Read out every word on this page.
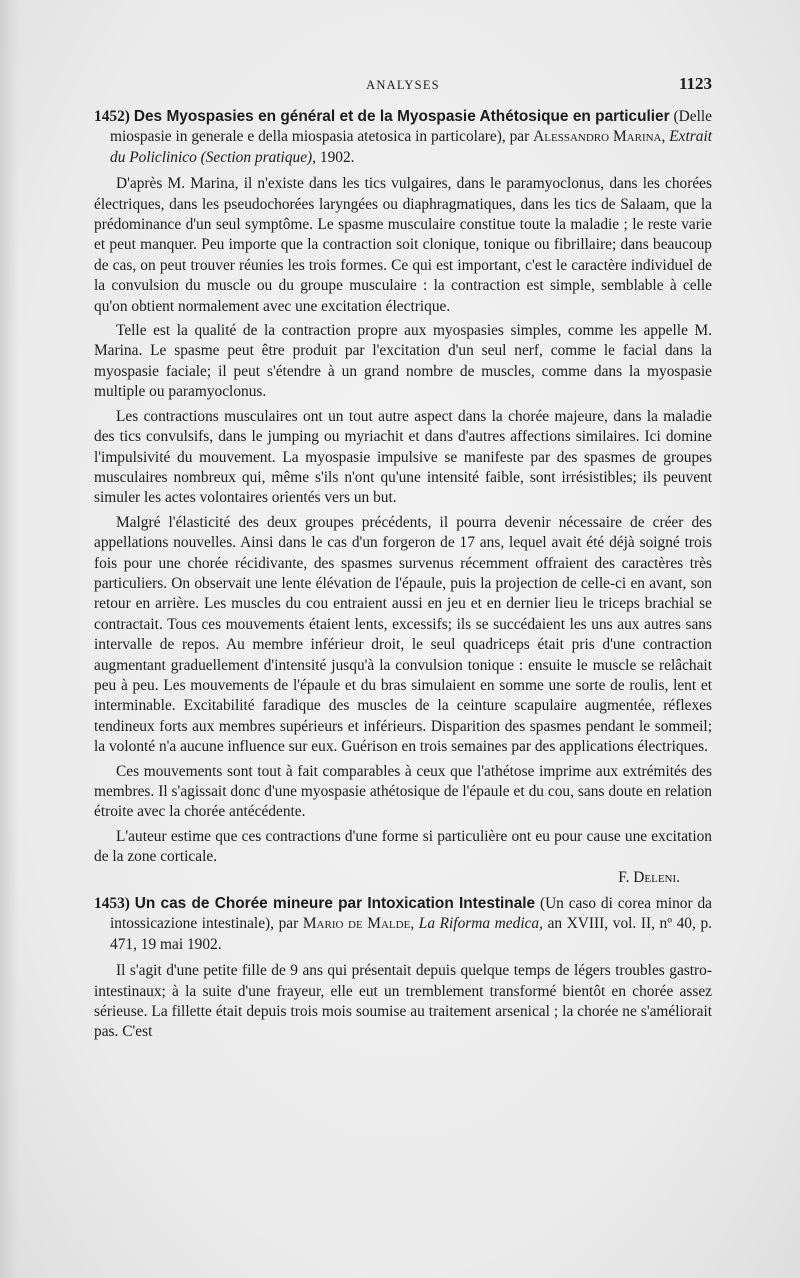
ANALYSES	1123

1452) Des Myospasies en général et de la Myospasie Athétosique en particulier (Delle miospasie in generale e della miospasia atetosica in particolare), par Alessandro Marina, Extrait du Policlinico (Section pratique), 1902.

D'après M. Marina, il n'existe dans les tics vulgaires, dans le paramyoclonus, dans les chorées électriques, dans les pseudochorées laryngées ou diaphragmatiques, dans les tics de Salaam, que la prédominance d'un seul symptôme. Le spasme musculaire constitue toute la maladie ; le reste varie et peut manquer. Peu importe que la contraction soit clonique, tonique ou fibrillaire; dans beaucoup de cas, on peut trouver réunies les trois formes. Ce qui est important, c'est le caractère individuel de la convulsion du muscle ou du groupe musculaire : la contraction est simple, semblable à celle qu'on obtient normalement avec une excitation électrique.

Telle est la qualité de la contraction propre aux myospasies simples, comme les appelle M. Marina. Le spasme peut être produit par l'excitation d'un seul nerf, comme le facial dans la myospasie faciale; il peut s'étendre à un grand nombre de muscles, comme dans la myospasie multiple ou paramyoclonus.

Les contractions musculaires ont un tout autre aspect dans la chorée majeure, dans la maladie des tics convulsifs, dans le jumping ou myriachit et dans d'autres affections similaires. Ici domine l'impulsivité du mouvement. La myospasie impulsive se manifeste par des spasmes de groupes musculaires nombreux qui, même s'ils n'ont qu'une intensité faible, sont irrésistibles; ils peuvent simuler les actes volontaires orientés vers un but.

Malgré l'élasticité des deux groupes précédents, il pourra devenir nécessaire de créer des appellations nouvelles. Ainsi dans le cas d'un forgeron de 17 ans, lequel avait été déjà soigné trois fois pour une chorée récidivante, des spasmes survenus récemment offraient des caractères très particuliers. On observait une lente élévation de l'épaule, puis la projection de celle-ci en avant, son retour en arrière. Les muscles du cou entraient aussi en jeu et en dernier lieu le triceps brachial se contractait. Tous ces mouvements étaient lents, excessifs; ils se succédaient les uns aux autres sans intervalle de repos. Au membre inférieur droit, le seul quadriceps était pris d'une contraction augmentant graduellement d'intensité jusqu'à la convulsion tonique : ensuite le muscle se relâchait peu à peu. Les mouvements de l'épaule et du bras simulaient en somme une sorte de roulis, lent et interminable. Excitabilité faradique des muscles de la ceinture scapulaire augmentée, réflexes tendineux forts aux membres supérieurs et inférieurs. Disparition des spasmes pendant le sommeil; la volonté n'a aucune influence sur eux. Guérison en trois semaines par des applications électriques.

Ces mouvements sont tout à fait comparables à ceux que l'athétose imprime aux extrémités des membres. Il s'agissait donc d'une myospasie athétosique de l'épaule et du cou, sans doute en relation étroite avec la chorée antécédente.

L'auteur estime que ces contractions d'une forme si particulière ont eu pour cause une excitation de la zone corticale.

F. Deleni.

1453) Un cas de Chorée mineure par Intoxication Intestinale (Un caso di corea minor da intossicazione intestinale), par Mario de Malde, La Riforma medica, an XVIII, vol. II, nº 40, p. 471, 19 mai 1902.

Il s'agit d'une petite fille de 9 ans qui présentait depuis quelque temps de légers troubles gastro-intestinaux; à la suite d'une frayeur, elle eut un tremblement transformé bientôt en chorée assez sérieuse. La fillette était depuis trois mois soumise au traitement arsenical ; la chorée ne s'améliorait pas. C'est
